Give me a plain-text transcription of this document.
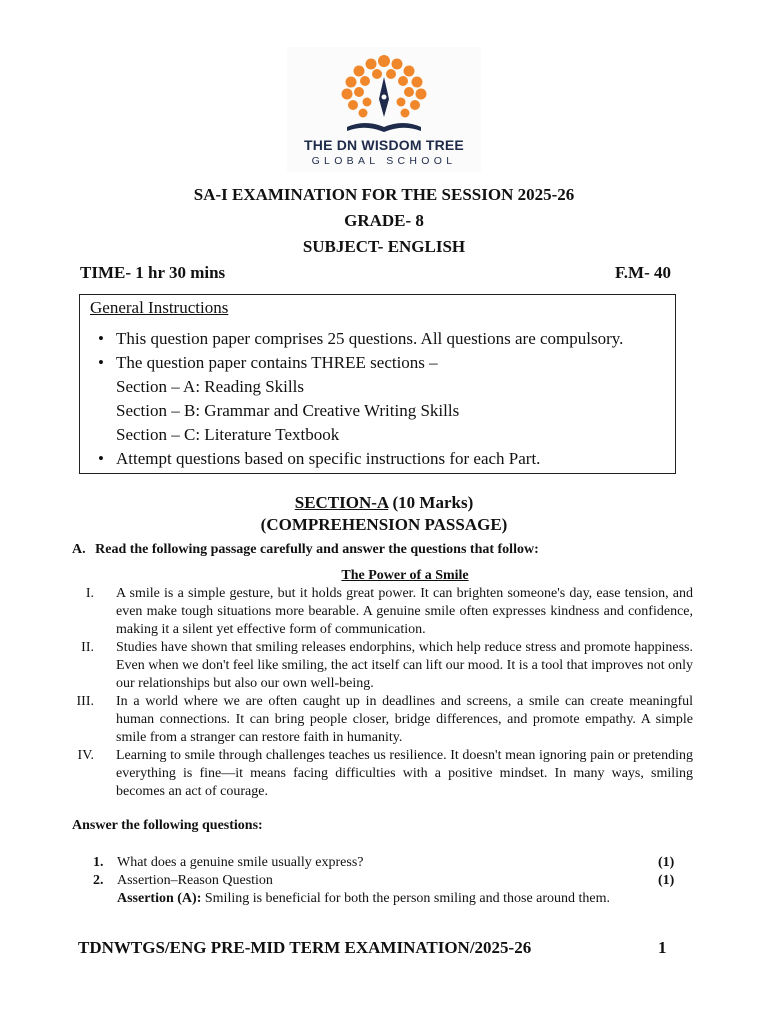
THE DN WISDOM TREE
GLOBAL SCHOOL
SA-I EXAMINATION FOR THE SESSION 2025-26
GRADE- 8
SUBJECT- ENGLISH
TIME- 1 hr 30 mins	F.M- 40
General Instructions
• This question paper comprises 25 questions. All questions are compulsory.
• The question paper contains THREE sections –
Section – A: Reading Skills
Section – B: Grammar and Creative Writing Skills
Section – C: Literature Textbook
• Attempt questions based on specific instructions for each Part.
SECTION-A (10 Marks)
(COMPREHENSION PASSAGE)
A. Read the following passage carefully and answer the questions that follow:
The Power of a Smile
I. A smile is a simple gesture, but it holds great power. It can brighten someone's day, ease tension, and even make tough situations more bearable. A genuine smile often expresses kindness and confidence, making it a silent yet effective form of communication.
II. Studies have shown that smiling releases endorphins, which help reduce stress and promote happiness. Even when we don't feel like smiling, the act itself can lift our mood. It is a tool that improves not only our relationships but also our own well-being.
III. In a world where we are often caught up in deadlines and screens, a smile can create meaningful human connections. It can bring people closer, bridge differences, and promote empathy. A simple smile from a stranger can restore faith in humanity.
IV. Learning to smile through challenges teaches us resilience. It doesn't mean ignoring pain or pretending everything is fine—it means facing difficulties with a positive mindset. In many ways, smiling becomes an act of courage.
Answer the following questions:
1. What does a genuine smile usually express?	(1)
2. Assertion–Reason Question	(1)
Assertion (A): Smiling is beneficial for both the person smiling and those around them.
TDNWTGS/ENG PRE-MID TERM EXAMINATION/2025-26	1
